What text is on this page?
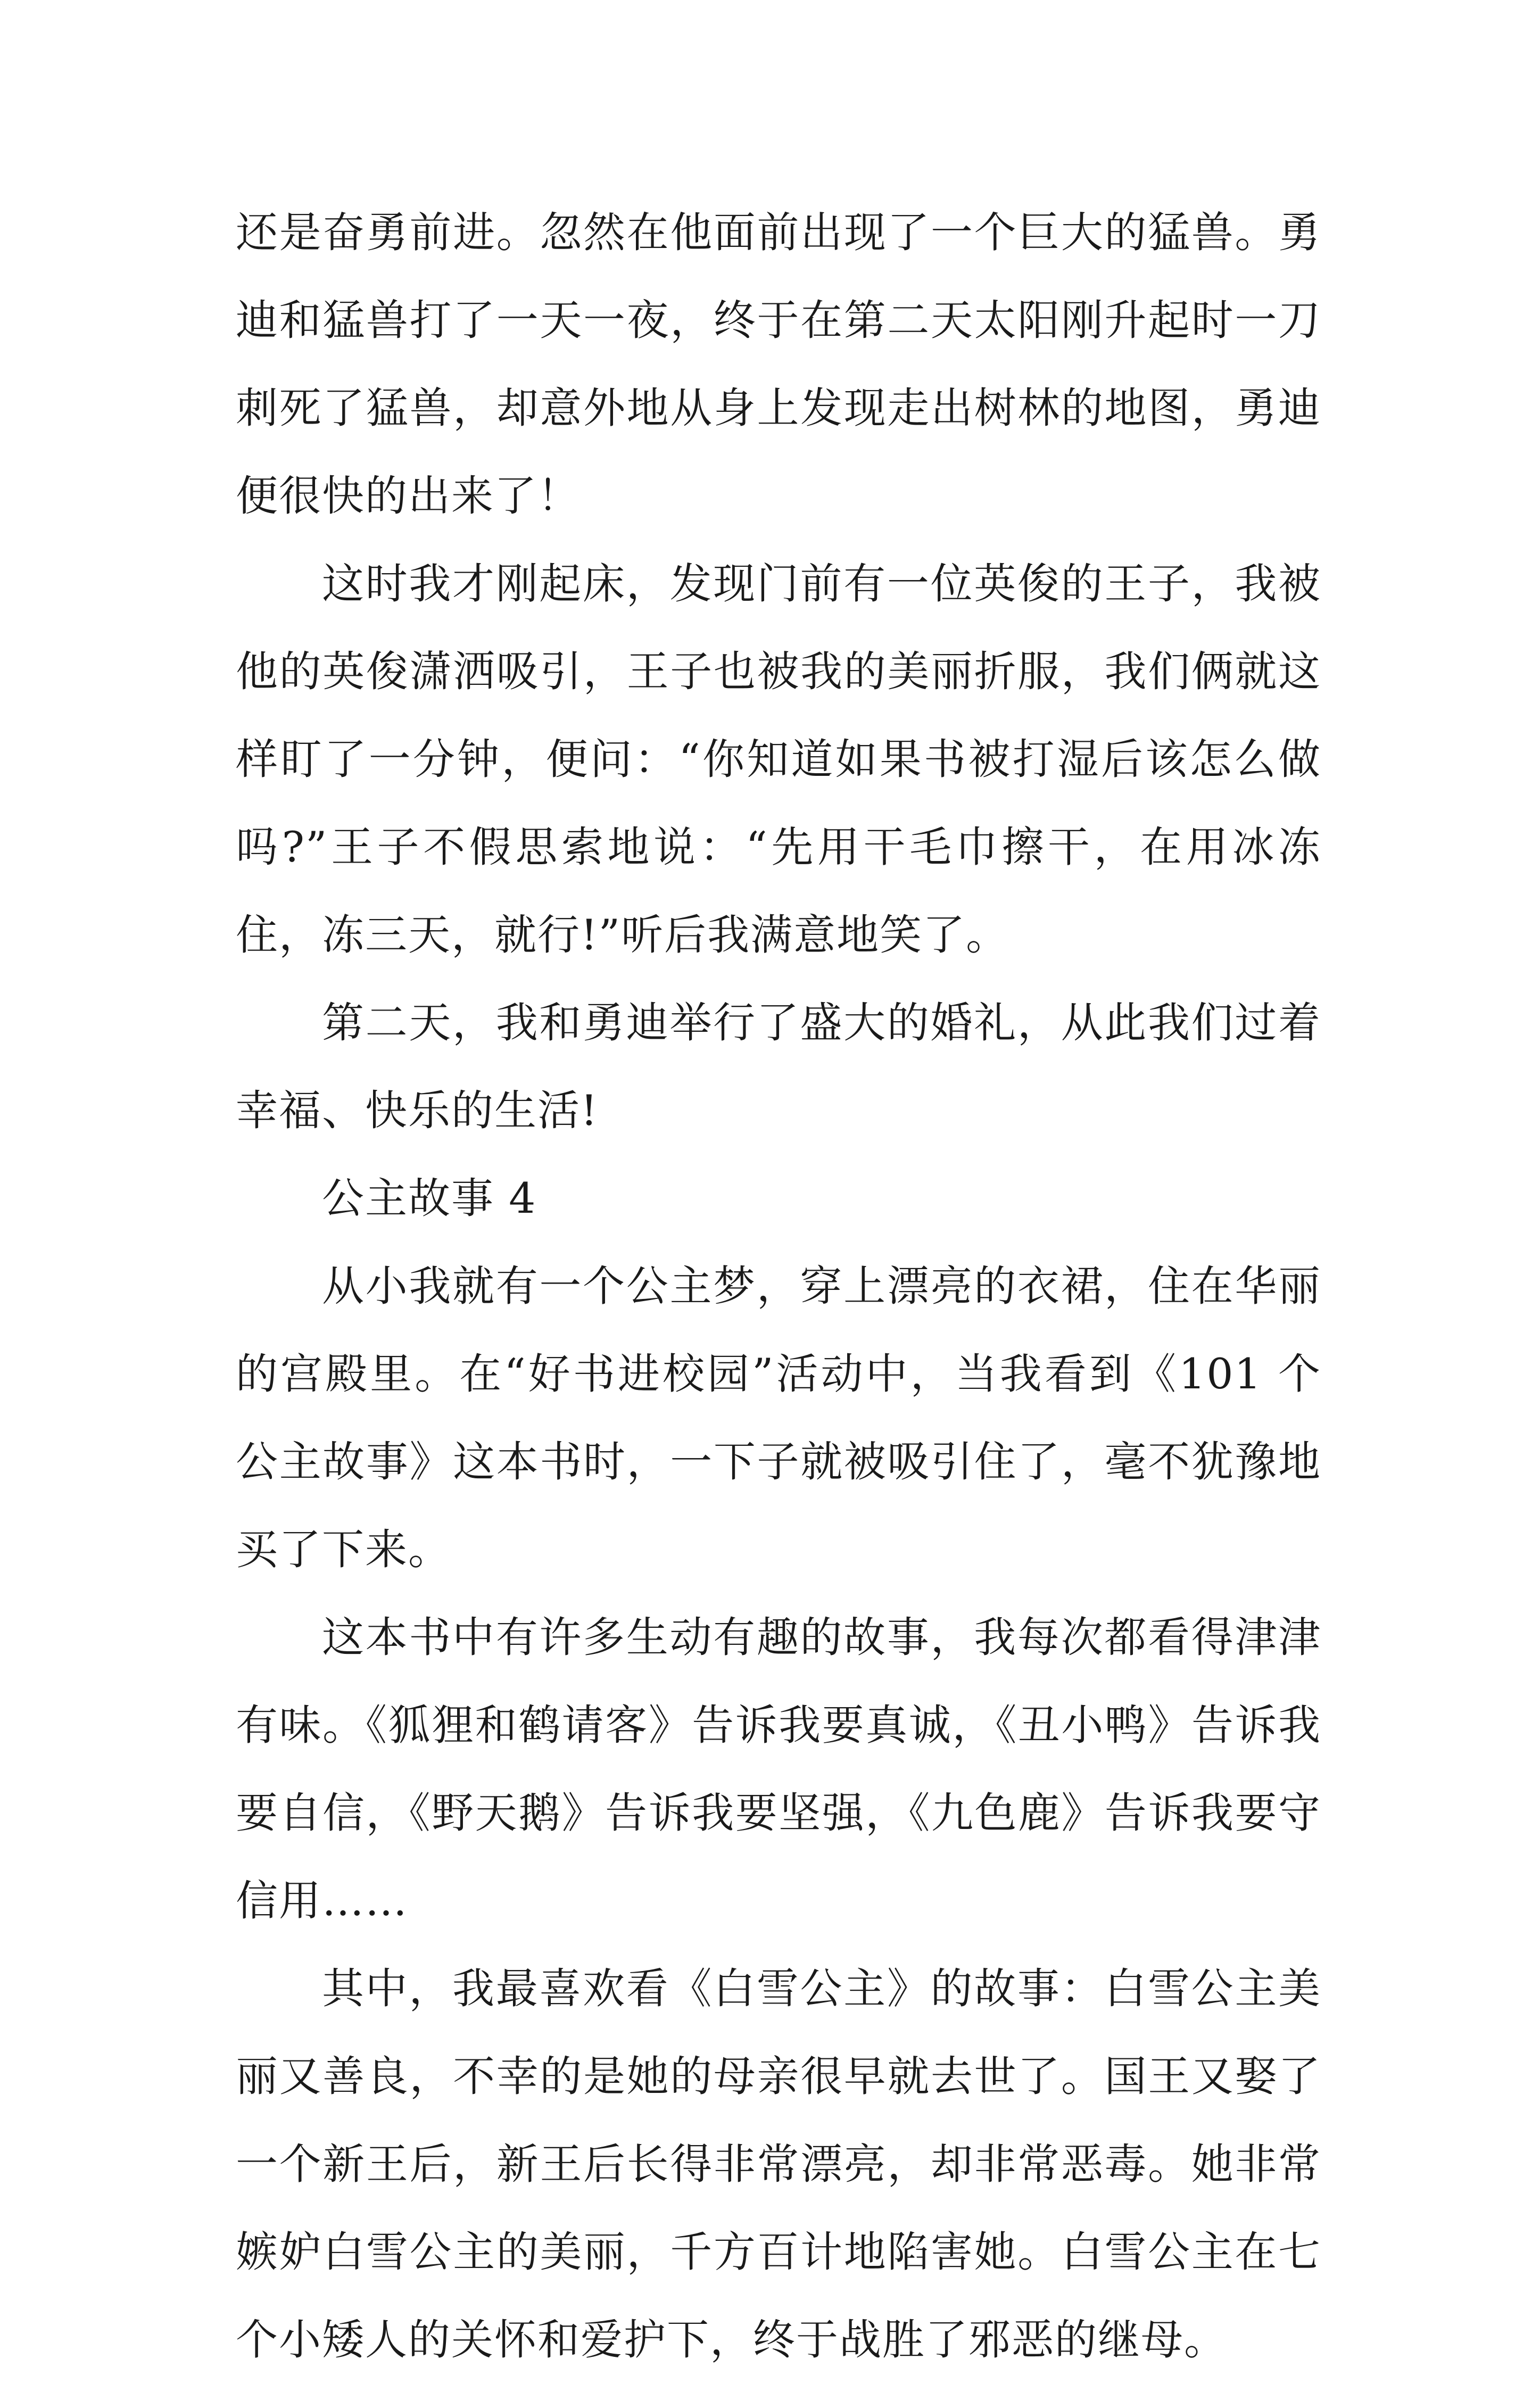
还是奋勇前进。忽然在他面前出现了一个巨大的猛兽。勇迪和猛兽打了一天一夜，终于在第二天太阳刚升起时一刀刺死了猛兽，却意外地从身上发现走出树林的地图，勇迪便很快的出来了！

这时我才刚起床，发现门前有一位英俊的王子，我被他的英俊潇洒吸引，王子也被我的美丽折服，我们俩就这样盯了一分钟，便问：“你知道如果书被打湿后该怎么做吗?”王子不假思索地说：“先用干毛巾擦干，在用冰冻住，冻三天，就行!”听后我满意地笑了。

第二天，我和勇迪举行了盛大的婚礼，从此我们过着幸福、快乐的生活!

公主故事 4

从小我就有一个公主梦，穿上漂亮的衣裙，住在华丽的宫殿里。在“好书进校园”活动中，当我看到《101 个公主故事》这本书时，一下子就被吸引住了，毫不犹豫地买了下来。

这本书中有许多生动有趣的故事，我每次都看得津津有味。《狐狸和鹤请客》告诉我要真诚，《丑小鸭》告诉我要自信，《野天鹅》告诉我要坚强，《九色鹿》告诉我要守信用……

其中，我最喜欢看《白雪公主》的故事：白雪公主美丽又善良，不幸的是她的母亲很早就去世了。国王又娶了一个新王后，新王后长得非常漂亮，却非常恶毒。她非常嫉妒白雪公主的美丽，千方百计地陷害她。白雪公主在七个小矮人的关怀和爱护下，终于战胜了邪恶的继母。
